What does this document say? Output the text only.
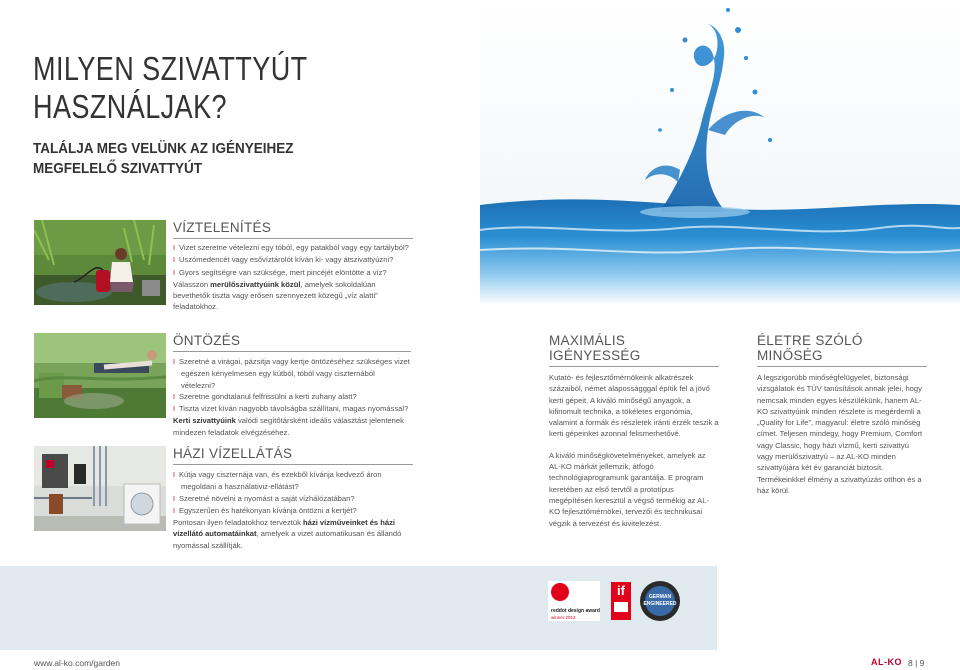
MILYEN SZIVATTYÚT
HASZNÁLJAK?
TALÁLJA MEG VELÜNK AZ IGÉNYEIHEZ
MEGFELELŐ SZIVATTYÚT
VÍZTELENÍTÉS

I Vizet szeretne vételezni egy tóból, egy patakból vagy egy tartályból?

I Úszómedencét vagy esővíztárolót kíván ki- vagy átszivattyúzni?

I Gyors segítségre van szüksége, mert pincéjét elöntötte a víz?

Válasszon merülőszivattyúink közül, amelyek sokoldalúan bevethetők tiszta vagy erősen szennyezett közegű „víz alatti” feladatokhoz.

ÖNTÖZÉS

I Szeretné a virágai, pázsitja vagy kertje öntözéséhez szükséges vizet egészen kényelmesen egy kútból, tóból vagy ciszternából vételezni?

I Szeretne gondtalanul felfrissülni a kerti zuhany alatt?

I Tiszta vizet kíván nagyobb távolságba szállítani, magas nyomással?

Kerti szivattyúink valódi segítőtársként ideális választást jelentenek mindezen feladatok elvégzéséhez.

HÁZI VÍZELLÁTÁS

I Kútja vagy ciszternája van, és ezekből kívánja kedvező áron megoldani a használativiz-ellátást?

I Szeretné növelni a nyomást a saját vízhálózatában?

I Egyszerűen és hatékonyan kívánja öntözni a kertjét?

Pontosan ilyen feladatokhoz terveztük házi vízműveinket és házi vízellátó automatáinkat, amelyek a vizet automatikusan és állandó nyomással szállítják.

MAXIMÁLIS IGÉNYESSÉG

Kutató- és fejlesztőmérnökeink alkatrészek százaiból, német alaposságggal építik fel a jövő kerti gépeit. A kiváló minőségű anyagok, a kifinomult technika, a tökéletes ergonómia, valamint a formák és részletek iránti érzék teszik a kerti gépeinket azonnal felismerhetővé.

A kiváló minőségkövetelményeket, amelyek az AL-KO márkát jellemzik, átfogó technológiaprogramunk garantálja. E program keretében az első tervtől a prototípus megépítésén keresztül a végső termékig az AL-KO fejlesztőmérnökei, tervezői és technikusai végzik a tervezést és kivitelezést.

ÉLETRE SZÓLÓ MINŐSÉG

A legszigorúbb minőségfelügyelet, biztonsági vizsgálatok és TÜV tanúsítások annak jelei, hogy nemcsak minden egyes készülékünk, hanem AL-KO szivattyúink minden részlete is megérdemli a „Quality for Life”, magyarul: életre szóló minőség címet. Teljesen mindegy, hogy Premium, Comfort vagy Classic, hogy házi vízmű, kerti szivattyú vagy merülőszivattyú – az AL-KO minden szivattyújára két év garanciát biztosít. Termékeinkkel élmény a szivattyúzás otthon és a ház körül.

reddot design award
winner 2013
if	GERMAN
ENGINEERED
www.al-ko.com/garden	AL-KO 8 | 9
